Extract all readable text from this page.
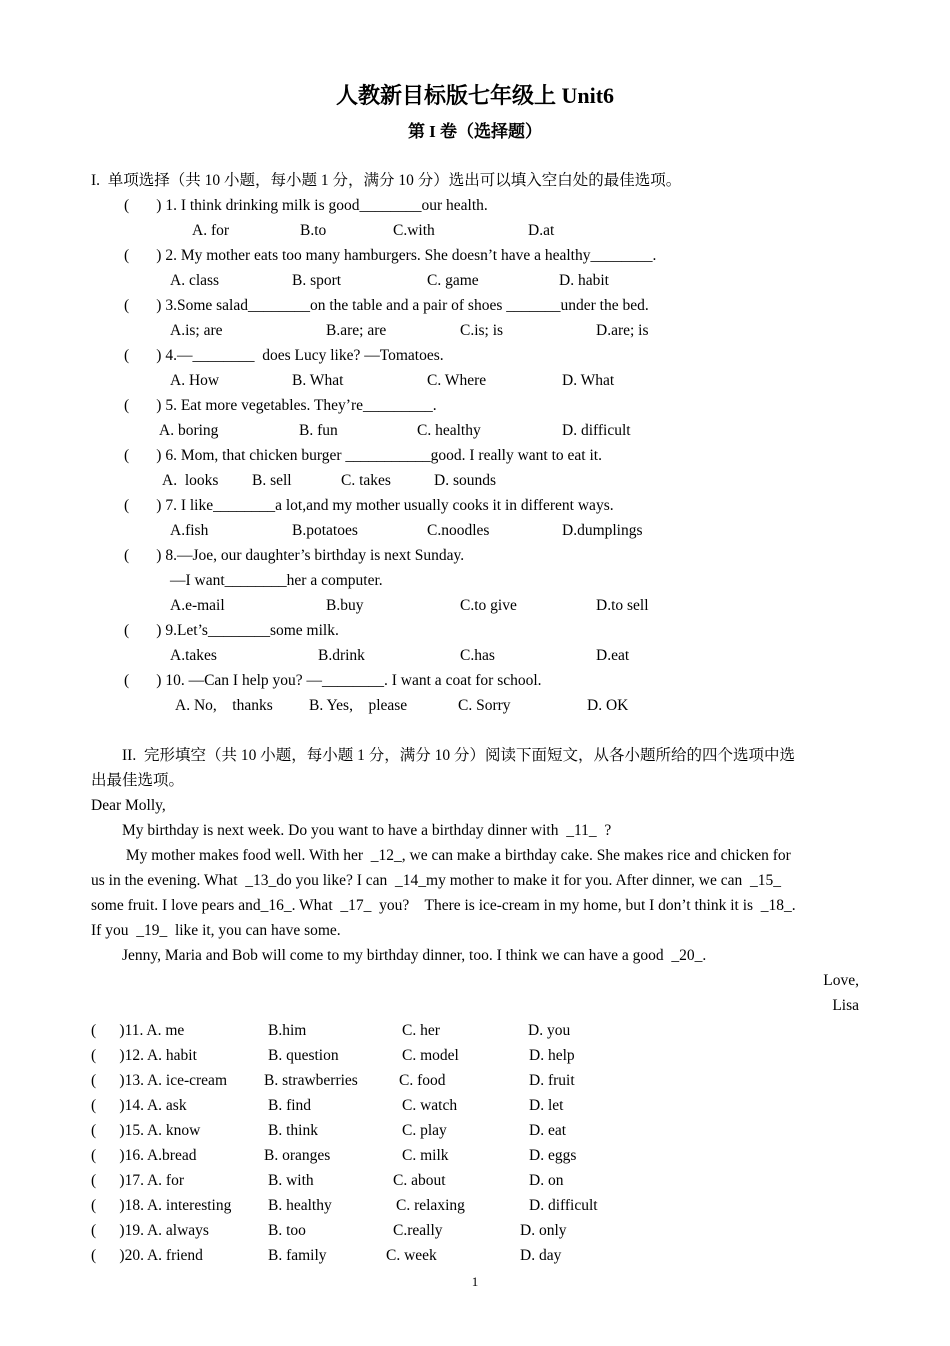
人教新目标版七年级上 Unit6
第 I 卷（选择题）
I.  单项选择（共 10 小题，每小题 1 分，满分 10 分）选出可以填入空白处的最佳选项。
(       ) 1. I think drinking milk is good________our health.
A. for	B.to	C.with	D.at
(       ) 2. My mother eats too many hamburgers. She doesn’t have a healthy________.
A. class	B. sport	C. game	D. habit
(       ) 3.Some salad________on the table and a pair of shoes _______under the bed.
A.is; are	B.are; are	C.is; is	D.are; is
(       ) 4.—________  does Lucy like? —Tomatoes.
A. How	B. What	C. Where	D. What
(       ) 5. Eat more vegetables. They’re_________.
A. boring	B. fun	C. healthy	D. difficult
(       ) 6. Mom, that chicken burger ___________good. I really want to eat it.
A.  looks B. sell	C. takes	D. sounds
(       ) 7. I like________a lot,and my mother usually cooks it in different ways.
A.fish	B.potatoes	C.noodles	D.dumplings
(       ) 8.—Joe, our daughter’s birthday is next Sunday.
—I want________her a computer.
A.e-mail	B.buy	C.to give	D.to sell
(       ) 9.Let’s________some milk.
A.takes	B.drink	C.has	D.eat
(       ) 10. —Can I help you? —________. I want a coat for school.
A. No,    thanks B. Yes,    please	C. Sorry	D. OK
II.  完形填空（共 10 小题，每小题 1 分，满分 10 分）阅读下面短文，从各小题所给的四个选项中选
出最佳选项。
Dear Molly,
My birthday is next week. Do you want to have a birthday dinner with  _11_  ?
My mother makes food well. With her  _12_, we can make a birthday cake. She makes rice and chicken for
us in the evening. What  _13_do you like? I can  _14_my mother to make it for you. After dinner, we can  _15_
some fruit. I love pears and_16_. What  _17_  you?    There is ice-cream in my home, but I don’t think it is  _18_.
If you  _19_  like it, you can have some.
Jenny, Maria and Bob will come to my birthday dinner, too. I think we can have a good  _20_.
Love,
Lisa
(      )11. A. me	B.him	C. her	D. you
(      )12. A. habit	B. question	C. model	D. help
(      )13. A. ice-cream B. strawberries	C. food	D. fruit
(      )14. A. ask	B. find	C. watch	D. let
(      )15. A. know	B. think	C. play	D. eat
(      )16. A.bread	B. oranges	C. milk	D. eggs
(      )17. A. for	B. with	C. about	D. on
(      )18. A. interesting B. healthy	C. relaxing	D. difficult
(      )19. A. always	B. too	C.really	D. only
(      )20. A. friend	B. family	C. week	D. day
1
